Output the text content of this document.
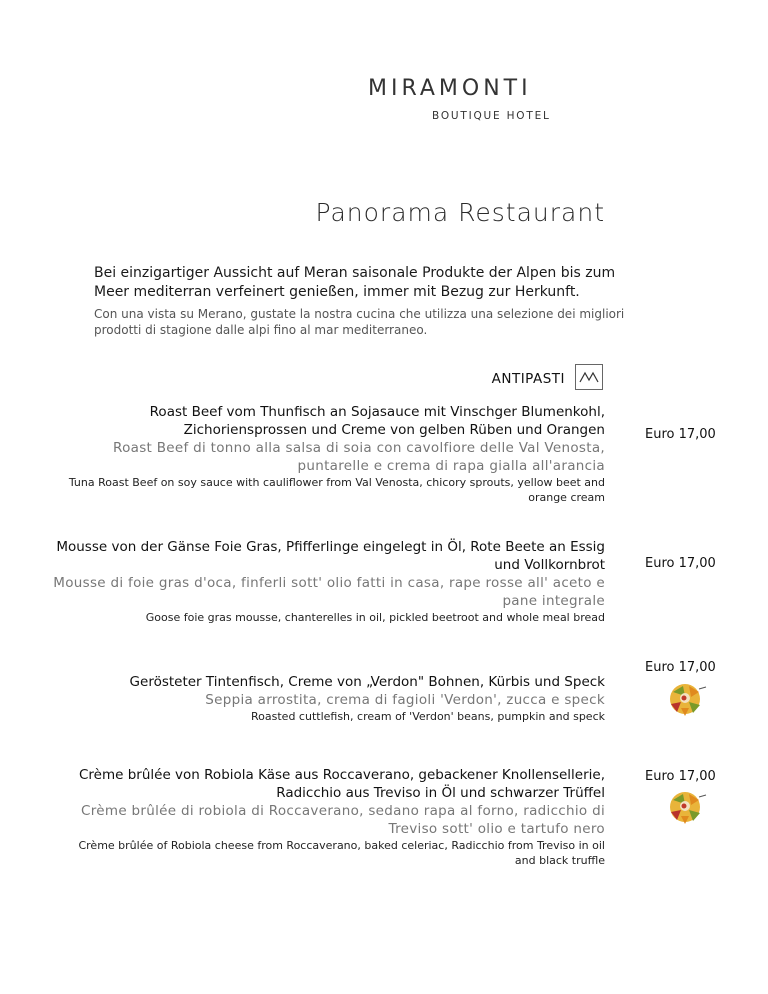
MIRAMONTI
BOUTIQUE HOTEL
Panorama Restaurant

Bei einzigartiger Aussicht auf Meran saisonale Produkte der Alpen bis zum Meer mediterran verfeinert genießen, immer mit Bezug zur Herkunft.

Con una vista su Merano, gustate la nostra cucina che utilizza una selezione dei migliori prodotti di stagione dalle alpi fino al mar mediterraneo.

ANTIPASTI
Roast Beef vom Thunfisch an Sojasauce mit Vinschger Blumenkohl, Zichoriensprossen und Creme von gelben Rüben und Orangen
Roast Beef di tonno alla salsa di soia con cavolfiore delle Val Venosta, puntarelle e crema di rapa gialla all'arancia
Tuna Roast Beef on soy sauce with cauliflower from Val Venosta, chicory sprouts, yellow beet and orange cream
Euro 17,00
Mousse von der Gänse Foie Gras, Pfifferlinge eingelegt in Öl, Rote Beete an Essig und Vollkornbrot
Mousse di foie gras d'oca, finferli sott' olio fatti in casa, rape rosse all' aceto e pane integrale
Goose foie gras mousse, chanterelles in oil, pickled beetroot and whole meal bread
Euro 17,00
Gerösteter Tintenfisch, Creme von „Verdon" Bohnen, Kürbis und Speck
Seppia arrostita, crema di fagioli 'Verdon', zucca e speck
Roasted cuttlefish, cream of 'Verdon' beans, pumpkin and speck
Euro 17,00
Crème brûlée von Robiola Käse aus Roccaverano, gebackener Knollensellerie, Radicchio aus Treviso in Öl und schwarzer Trüffel
Crème brûlée di robiola di Roccaverano, sedano rapa al forno, radicchio di Treviso sott' olio e tartufo nero
Crème brûlée of Robiola cheese from Roccaverano, baked celeriac, Radicchio from Treviso in oil and black truffle
Euro 17,00
